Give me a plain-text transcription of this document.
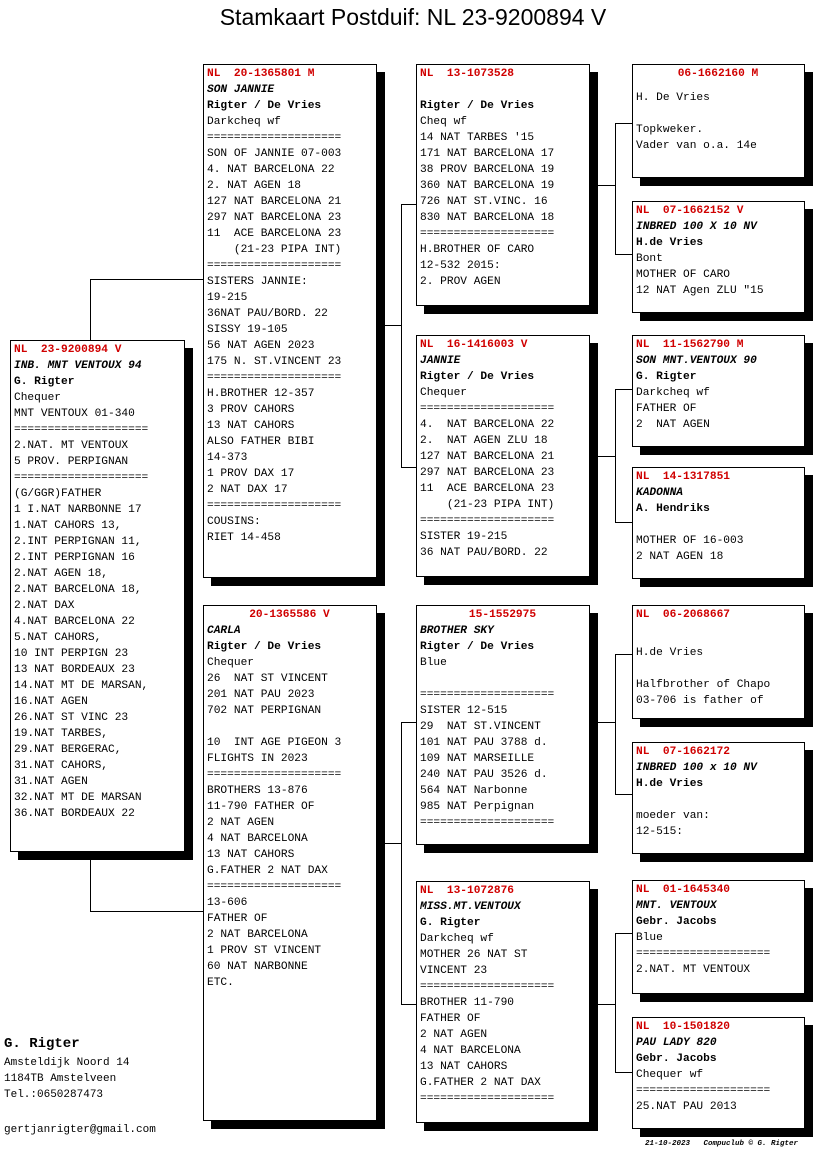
Stamkaart Postduif: NL 23-9200894 V
NL  23-9200894 V
INB. MNT VENTOUX 94
G. Rigter
Chequer
MNT VENTOUX 01-340
====================
2.NAT. MT VENTOUX
5 PROV. PERPIGNAN
====================
(G/GGR)FATHER
1 I.NAT NARBONNE 17
1.NAT CAHORS 13,
2.INT PERPIGNAN 11,
2.INT PERPIGNAN 16
2.NAT AGEN 18,
2.NAT BARCELONA 18,
2.NAT DAX
4.NAT BARCELONA 22
5.NAT CAHORS,
10 INT PERPIGN 23
13 NAT BORDEAUX 23
14.NAT MT DE MARSAN,
16.NAT AGEN
26.NAT ST VINC 23
19.NAT TARBES,
29.NAT BERGERAC,
31.NAT CAHORS,
31.NAT AGEN
32.NAT MT DE MARSAN
36.NAT BORDEAUX 22
NL  20-1365801 M
SON JANNIE
Rigter / De Vries
Darkcheq wf
====================
SON OF JANNIE 07-003
4. NAT BARCELONA 22
2. NAT AGEN 18
127 NAT BARCELONA 21
297 NAT BARCELONA 23
11  ACE BARCELONA 23
(21-23 PIPA INT)
====================
SISTERS JANNIE:
19-215
36NAT PAU/BORD. 22
SISSY 19-105
56 NAT AGEN 2023
175 N. ST.VINCENT 23
====================
H.BROTHER 12-357
3 PROV CAHORS
13 NAT CAHORS
ALSO FATHER BIBI
14-373
1 PROV DAX 17
2 NAT DAX 17
====================
COUSINS:
RIET 14-458
20-1365586 V
CARLA
Rigter / De Vries
Chequer
26  NAT ST VINCENT
201 NAT PAU 2023
702 NAT PERPIGNAN
10  INT AGE PIGEON 3
FLIGHTS IN 2023
====================
BROTHERS 13-876
11-790 FATHER OF
2 NAT AGEN
4 NAT BARCELONA
13 NAT CAHORS
G.FATHER 2 NAT DAX
====================
13-606
FATHER OF
2 NAT BARCELONA
1 PROV ST VINCENT
60 NAT NARBONNE
ETC.
NL  13-1073528
Rigter / De Vries
Cheq wf
14 NAT TARBES '15
171 NAT BARCELONA 17
38 PROV BARCELONA 19
360 NAT BARCELONA 19
726 NAT ST.VINC. 16
830 NAT BARCELONA 18
====================
H.BROTHER OF CARO
12-532 2015:
2. PROV AGEN
NL  16-1416003 V
JANNIE
Rigter / De Vries
Chequer
====================
4.  NAT BARCELONA 22
2.  NAT AGEN ZLU 18
127 NAT BARCELONA 21
297 NAT BARCELONA 23
11  ACE BARCELONA 23
(21-23 PIPA INT)
====================
SISTER 19-215
36 NAT PAU/BORD. 22
15-1552975
BROTHER SKY
Rigter / De Vries
Blue
====================
SISTER 12-515
29  NAT ST.VINCENT
101 NAT PAU 3788 d.
109 NAT MARSEILLE
240 NAT PAU 3526 d.
564 NAT Narbonne
985 NAT Perpignan
====================
NL  13-1072876
MISS.MT.VENTOUX
G. Rigter
Darkcheq wf
MOTHER 26 NAT ST
VINCENT 23
====================
BROTHER 11-790
FATHER OF
2 NAT AGEN
4 NAT BARCELONA
13 NAT CAHORS
G.FATHER 2 NAT DAX
====================
06-1662160 M
H. De Vries
Topkweker.
Vader van o.a. 14e
NL  07-1662152 V
INBRED 100 X 10 NV
H.de Vries
Bont
MOTHER OF CARO
12 NAT Agen ZLU "15
NL  11-1562790 M
SON MNT.VENTOUX 90
G. Rigter
Darkcheq wf
FATHER OF
2  NAT AGEN
NL  14-1317851
KADONNA
A. Hendriks
MOTHER OF 16-003
2 NAT AGEN 18
NL  06-2068667
H.de Vries
Halfbrother of Chapo
03-706 is father of
NL  07-1662172
INBRED 100 x 10 NV
H.de Vries
moeder van:
12-515:
NL  01-1645340
MNT. VENTOUX
Gebr. Jacobs
Blue
====================
2.NAT. MT VENTOUX
NL  10-1501820
PAU LADY 820
Gebr. Jacobs
Chequer wf
====================
25.NAT PAU 2013
G. Rigter
Amsteldijk Noord 14
1184TB Amstelveen
Tel.:0650287473
gertjanrigter@gmail.com
21-10-2023 Compuclub © G. Rigter
